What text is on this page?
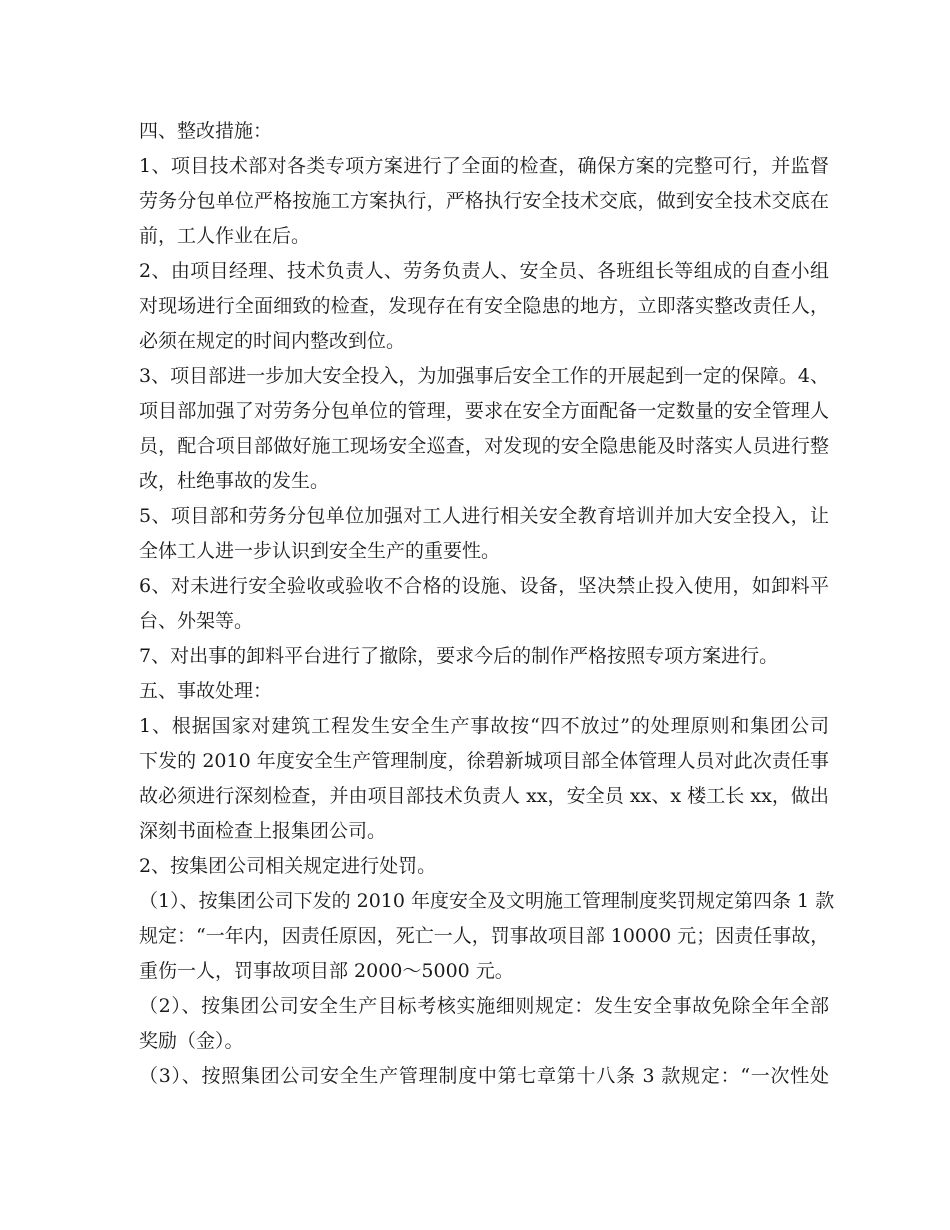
四、整改措施：
1、项目技术部对各类专项方案进行了全面的检查，确保方案的完整可行，并监督
劳务分包单位严格按施工方案执行，严格执行安全技术交底，做到安全技术交底在
前，工人作业在后。
2、由项目经理、技术负责人、劳务负责人、安全员、各班组长等组成的自查小组
对现场进行全面细致的检查，发现存在有安全隐患的地方，立即落实整改责任人，
必须在规定的时间内整改到位。
3、项目部进一步加大安全投入，为加强事后安全工作的开展起到一定的保障。4、
项目部加强了对劳务分包单位的管理，要求在安全方面配备一定数量的安全管理人
员，配合项目部做好施工现场安全巡查，对发现的安全隐患能及时落实人员进行整
改，杜绝事故的发生。
5、项目部和劳务分包单位加强对工人进行相关安全教育培训并加大安全投入，让
全体工人进一步认识到安全生产的重要性。
6、对未进行安全验收或验收不合格的设施、设备，坚决禁止投入使用，如卸料平
台、外架等。
7、对出事的卸料平台进行了撤除，要求今后的制作严格按照专项方案进行。
五、事故处理：
1、根据国家对建筑工程发生安全生产事故按“四不放过”的处理原则和集团公司
下发的 2010 年度安全生产管理制度，徐碧新城项目部全体管理人员对此次责任事
故必须进行深刻检查，并由项目部技术负责人 xx，安全员 xx、x 楼工长 xx，做出
深刻书面检查上报集团公司。
2、按集团公司相关规定进行处罚。
（1）、按集团公司下发的 2010 年度安全及文明施工管理制度奖罚规定第四条 1 款
规定：“一年内，因责任原因，死亡一人，罚事故项目部 10000 元；因责任事故，
重伤一人，罚事故项目部 2000～5000 元。
（2）、按集团公司安全生产目标考核实施细则规定：发生安全事故免除全年全部
奖励（金）。
（3）、按照集团公司安全生产管理制度中第七章第十八条 3 款规定：“一次性处
